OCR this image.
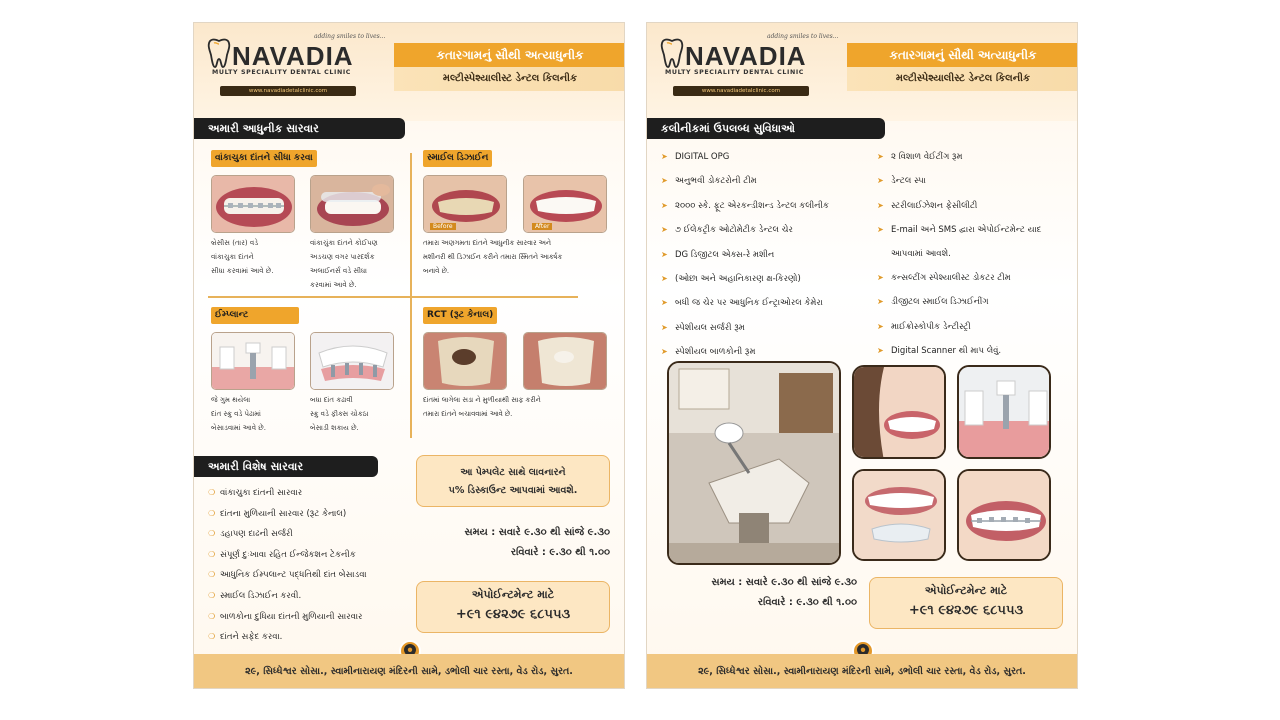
adding smiles to lives...
NAVADIA
MULTY SPECIALITY DENTAL CLINIC
www.navadiadetalclinic.com
કતારગામનું સૌથી અત્યાધુનીક
મલ્ટીસ્પેશ્યાલીસ્ટ ડેન્ટલ કિલનીક
અમારી આધુનીક સારવાર
વાંકાચુકા દાંતને સીધા કરવા
બ્રેસીસ (તાર) વડે
વાંકાચુકા દાંતને
સીધા કરવામાં આવે છે.
વાંકાચુંકા દાંતને કોઈપણ
અડચણ વગર પારદર્શક
અલાઈનર્સ વડે સીધા
કરવામાં આવે છે.
સ્માઈલ ડિઝાઈન
Before	After
તમારા અણગમતા દાંતને આધુનીક સારવાર અને
મશીનરી થી ડિઝાઈન કરીને તમારા સ્મિતને આકર્ષક
બનાવે છે.
ઈમ્પ્લાન્ટ
જે ગુમ થયેલા
દાંત સ્ક્રુ વડે પેઢામાં
બેસાડવામાં આવે છે.
બધા દાંત કઢાવી
સ્ક્રુ વડે ફીક્સ ચોકઠા
બેસાડી શકાય છે.
RCT (રૂટ કેનાલ)
દાંતમાં લાગેલા સડા ને મુળીયાથી સાફ કરીને
તમારા દાંતને બચાવવામાં આવે છે.
અમારી વિશેષ સારવાર
❍ વાંકાચુકા દાંતની સારવાર
❍ દાંતના મુળિયાની સારવાર (રૂટ કેનાલ)
❍ ડહાપણ દાઢની સર્જરી
❍ સંપૂર્ણ દુઃખાવા રહિત ઈન્જેકશન ટેકનીક
❍ આધુનિક ઈમ્પલાન્ટ પદ્ધતિથી દાંત બેસાડવા
❍ સ્માઈલ ડિઝાઈન કરવી.
❍ બાળકોના દુધિયા દાંતની મુળિયાની સારવાર
❍ દાંતને સફેદ કરવા.
આ પેમ્પલેટ સાથે લાવનારને
૫% ડિસ્કાઉન્ટ આપવામાં આવશે.
સમય : સવારે ૯.૩૦ થી સાંજે ૯.૩૦
રવિવારે : ૯.૩૦ થી ૧.૦૦
એપોઈન્ટમેન્ટ માટે
+૯૧ ૯૪૨૭૯ ૬૮૫૫૩
૨૯, સિધ્ધેશ્વર સોસા., સ્વામીનારાયણ મંદિરની સામે, ડભોલી ચાર રસ્તા, વેડ રોડ, સુરત.
adding smiles to lives...
NAVADIA
MULTY SPECIALITY DENTAL CLINIC
www.navadiadetalclinic.com
કતારગામનું સૌથી અત્યાધુનીક
મલ્ટીસ્પેશ્યાલીસ્ટ ડેન્ટલ કિલનીક
કલીનીકમાં ઉપલબ્ધ સુવિધાઓ
➤ DIGITAL OPG
➤ અનુભવી ડોકટરોની ટીમ
➤ ૨૦૦૦ સ્કે. ફૂટ એરકન્ડીશન્ડ ડેન્ટલ કલીનીક
➤ ૭ ઈલેકટ્રીક ઓટોમેટીક ડેન્ટલ ચેર
➤ DG ડિજીટલ એક્સ-રે મશીન
➤ (ઓછા અને અહાનિકારણ ક્ષ-કિરણો)
➤ બધી જ ચેર પર આધુનિક ઈન્ટ્રાઓરલ કેમેરા
➤ સ્પેશીયલ સર્જરી રૂમ
➤ સ્પેશીયલ બાળકોની રૂમ
➤ ૨ વિશાળ વેઈટીંગ રૂમ
➤ ડેન્ટલ સ્પા
➤ સ્ટરીલાઈઝેશન ફેસીલીટી
➤ E-mail અને SMS દ્વારા એપોઈન્ટમેન્ટ યાદ
આપવામાં આવશે.
➤ કન્સલ્ટીંગ સ્પેશ્યાલીસ્ટ ડોકટર ટીમ
➤ ડીજીટલ સ્માઈલ ડિઝાઈનીંગ
➤ માઈક્રોસ્કોપીક ડેન્ટીસ્ટ્રી
➤ Digital Scanner થી માપ લેવું.
સમય : સવારે ૯.૩૦ થી સાંજે ૯.૩૦
રવિવારે : ૯.૩૦ થી ૧.૦૦
એપોઈન્ટમેન્ટ માટે
+૯૧ ૯૪૨૭૯ ૬૮૫૫૩
૨૯, સિધ્ધેશ્વર સોસા., સ્વામીનારાયણ મંદિરની સામે, ડભોલી ચાર રસ્તા, વેડ રોડ, સુરત.
